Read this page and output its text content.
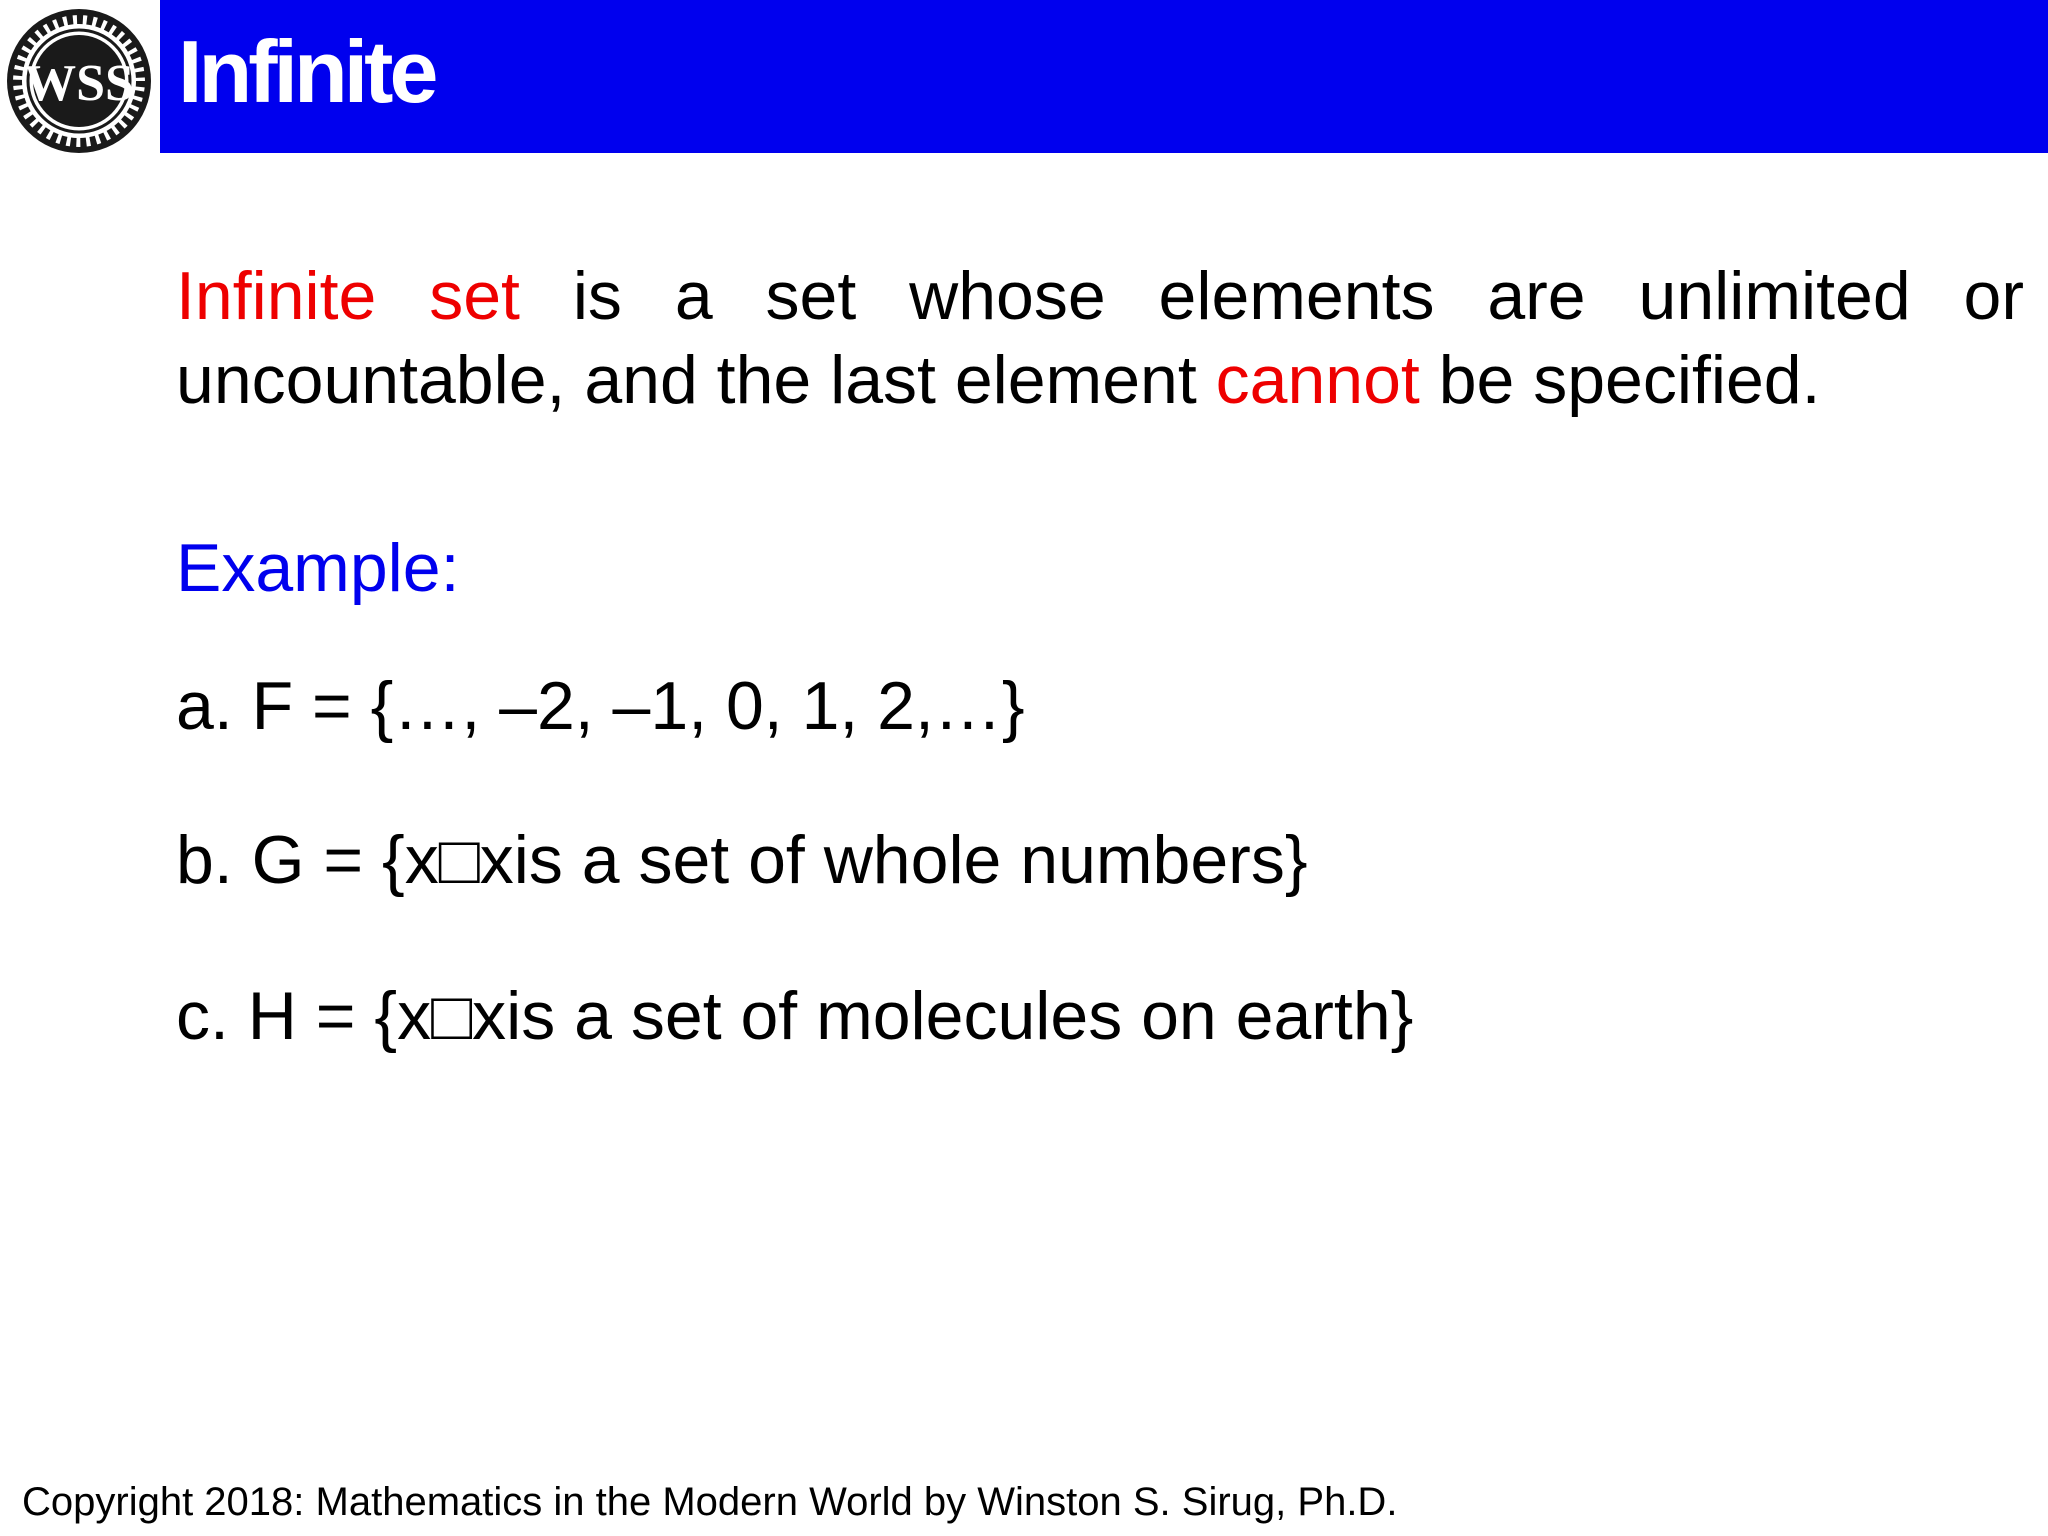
WSS Infinite
Infinite set is a set whose elements are unlimited or
uncountable, and the last element cannot be specified.
Example:
a. F = {…, –2, –1, 0, 1, 2,…}
b. G = {x□xis a set of whole numbers}
c. H = {x□xis a set of molecules on earth}
Copyright 2018: Mathematics in the Modern World by Winston S. Sirug, Ph.D.
